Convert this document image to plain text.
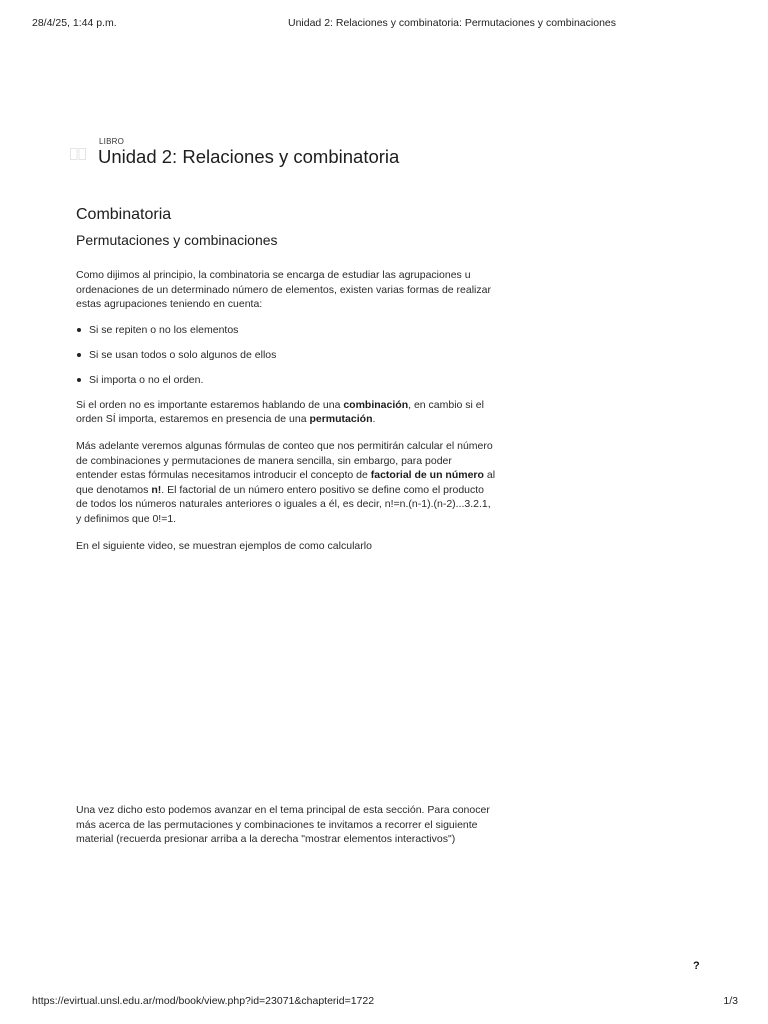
28/4/25, 1:44 p.m.	Unidad 2: Relaciones y combinatoria: Permutaciones y combinaciones
LIBRO
Unidad 2: Relaciones y combinatoria
Combinatoria
Permutaciones y combinaciones

Como dijimos al principio, la combinatoria se encarga de estudiar las agrupaciones u ordenaciones de un determinado número de elementos, existen varias formas de realizar estas agrupaciones teniendo en cuenta:

Si se repiten o no los elementos
Si se usan todos o solo algunos de ellos
Si importa o no el orden.

Si el orden no es importante estaremos hablando de una combinación, en cambio si el orden SÍ importa, estaremos en presencia de una permutación.

Más adelante veremos algunas fórmulas de conteo que nos permitirán calcular el número de combinaciones y permutaciones de manera sencilla, sin embargo, para poder entender estas fórmulas necesitamos introducir el concepto de factorial de un número al que denotamos n!. El factorial de un número entero positivo se define como el producto de todos los números naturales anteriores o iguales a él, es decir, n!=n.(n-1).(n-2)...3.2.1, y definimos que 0!=1.

En el siguiente video, se muestran ejemplos de como calcularlo

Una vez dicho esto podemos avanzar en el tema principal de esta sección. Para conocer más acerca de las permutaciones y combinaciones te invitamos a recorrer el siguiente material (recuerda presionar arriba a la derecha "mostrar elementos interactivos")

?
https://evirtual.unsl.edu.ar/mod/book/view.php?id=23071&chapterid=1722	1/3
